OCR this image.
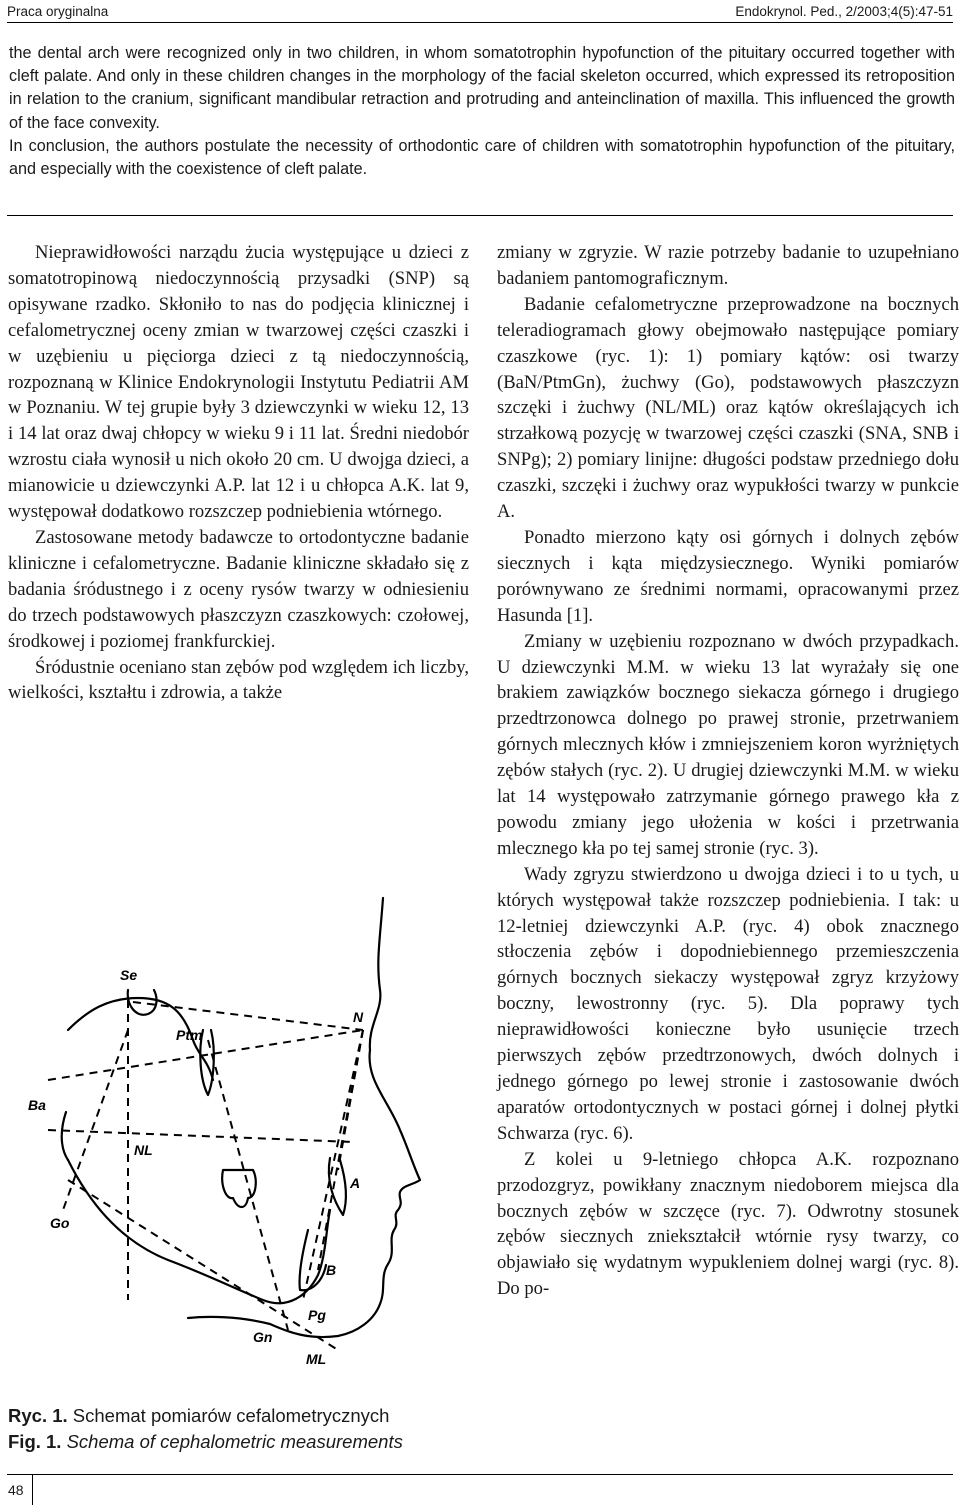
Praca oryginalna	Endokrynol. Ped., 2/2003;4(5):47-51

the dental arch were recognized only in two children, in whom somatotrophin hypofunction of the pituitary occurred together with cleft palate. And only in these children changes in the morphology of the facial skeleton occurred, which expressed its retroposition in relation to the cranium, significant mandibular retraction and protruding and anteinclination of maxilla. This influenced the growth of the face convexity.

In conclusion, the authors postulate the necessity of orthodontic care of children with somatotrophin hypofunction of the pituitary, and especially with the coexistence of cleft palate.

Nieprawidłowości narządu żucia występujące u dzieci z somatotropinową niedoczynnością przysadki (SNP) są opisywane rzadko. Skłoniło to nas do podjęcia klinicznej i cefalometrycznej oceny zmian w twarzowej części czaszki i w uzębieniu u pięciorga dzieci z tą niedoczynnością, rozpoznaną w Klinice Endokrynologii Instytutu Pediatrii AM w Poznaniu. W tej grupie były 3 dziewczynki w wieku 12, 13 i 14 lat oraz dwaj chłopcy w wieku 9 i 11 lat. Średni niedobór wzrostu ciała wynosił u nich około 20 cm. U dwojga dzieci, a mianowicie u dziewczynki A.P. lat 12 i u chłopca A.K. lat 9, występował dodatkowo rozszczep podniebienia wtórnego.

Zastosowane metody badawcze to ortodontyczne badanie kliniczne i cefalometryczne. Badanie kliniczne składało się z badania śródustnego i z oceny rysów twarzy w odniesieniu do trzech podstawowych płaszczyzn czaszkowych: czołowej, środkowej i poziomej frankfurckiej.

Śródustnie oceniano stan zębów pod względem ich liczby, wielkości, kształtu i zdrowia, a także

Se
N
Ptm
Ba
NL
A
Go
B
Pg
Gn
ML
Ryc. 1. Schemat pomiarów cefalometrycznych
Fig. 1. Schema of cephalometric measurements

zmiany w zgryzie. W razie potrzeby badanie to uzupełniano badaniem pantomograficznym.

Badanie cefalometryczne przeprowadzone na bocznych teleradiogramach głowy obejmowało następujące pomiary czaszkowe (ryc. 1): 1) pomiary kątów: osi twarzy (BaN/PtmGn), żuchwy (Go), podstawowych płaszczyzn szczęki i żuchwy (NL/ML) oraz kątów określających ich strzałkową pozycję w twarzowej części czaszki (SNA, SNB i SNPg); 2) pomiary linijne: długości podstaw przedniego dołu czaszki, szczęki i żuchwy oraz wypukłości twarzy w punkcie A.

Ponadto mierzono kąty osi górnych i dolnych zębów siecznych i kąta międzysiecznego. Wyniki pomiarów porównywano ze średnimi normami, opracowanymi przez Hasunda [1].

Zmiany w uzębieniu rozpoznano w dwóch przypadkach. U dziewczynki M.M. w wieku 13 lat wyrażały się one brakiem zawiązków bocznego siekacza górnego i drugiego przedtrzonowca dolnego po prawej stronie, przetrwaniem górnych mlecznych kłów i zmniejszeniem koron wyrżniętych zębów stałych (ryc. 2). U drugiej dziewczynki M.M. w wieku lat 14 występowało zatrzymanie górnego prawego kła z powodu zmiany jego ułożenia w kości i przetrwania mlecznego kła po tej samej stronie (ryc. 3).

Wady zgryzu stwierdzono u dwojga dzieci i to u tych, u których występował także rozszczep podniebienia. I tak: u 12-letniej dziewczynki A.P. (ryc. 4) obok znacznego stłoczenia zębów i dopodniebiennego przemieszczenia górnych bocznych siekaczy występował zgryz krzyżowy boczny, lewostronny (ryc. 5). Dla poprawy tych nieprawidłowości konieczne było usunięcie trzech pierwszych zębów przedtrzonowych, dwóch dolnych i jednego górnego po lewej stronie i zastosowanie dwóch aparatów ortodontycznych w postaci górnej i dolnej płytki Schwarza (ryc. 6).

Z kolei u 9-letniego chłopca A.K. rozpoznano przodozgryz, powikłany znacznym niedoborem miejsca dla bocznych zębów w szczęce (ryc. 7). Odwrotny stosunek zębów siecznych zniekształcił wtórnie rysy twarzy, co objawiało się wydatnym wypukleniem dolnej wargi (ryc. 8). Do po-

48
